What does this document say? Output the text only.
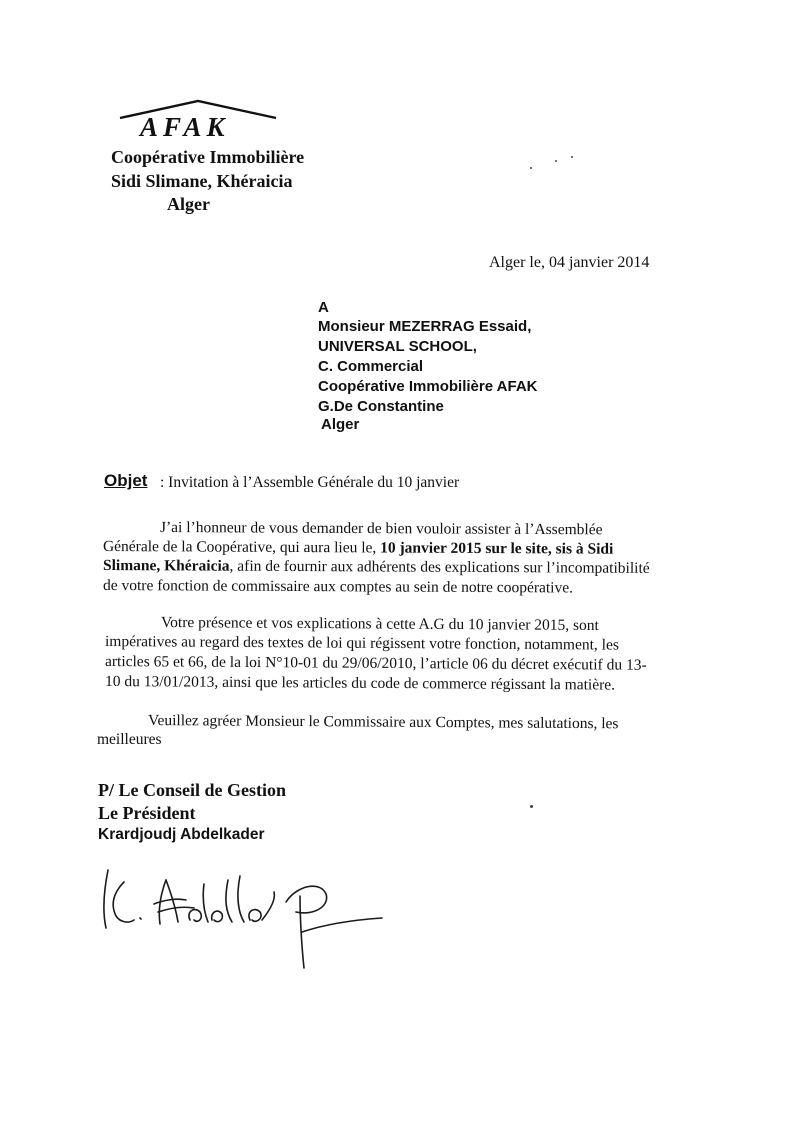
AFAK
Coopérative Immobilière
Sidi Slimane, Khéraicia
Alger
Alger le, 04 janvier 2014
A
Monsieur MEZERRAG Essaid,
UNIVERSAL SCHOOL,
C. Commercial
Coopérative Immobilière AFAK
G.De Constantine
Alger
Objet : Invitation à l’Assemble Générale du 10 janvier
J’ai l’honneur de vous demander de bien vouloir assister à l’Assemblée
Générale de la Coopérative, qui aura lieu le, 10 janvier 2015 sur le site, sis à Sidi
Slimane, Khéraicia, afin de fournir aux adhérents des explications sur l’incompatibilité
de votre fonction de commissaire aux comptes au sein de notre coopérative.
Votre présence et vos explications à cette A.G du 10 janvier 2015, sont
impératives au regard des textes de loi qui régissent votre fonction, notamment, les
articles 65 et 66, de la loi N°10-01 du 29/06/2010, l’article 06 du décret exécutif du 13-
10 du 13/01/2013, ainsi que les articles du code de commerce régissant la matière.
Veuillez agréer Monsieur le Commissaire aux Comptes, mes salutations, les
meilleures
P/ Le Conseil de Gestion
Le Président
Krardjoudj Abdelkader
